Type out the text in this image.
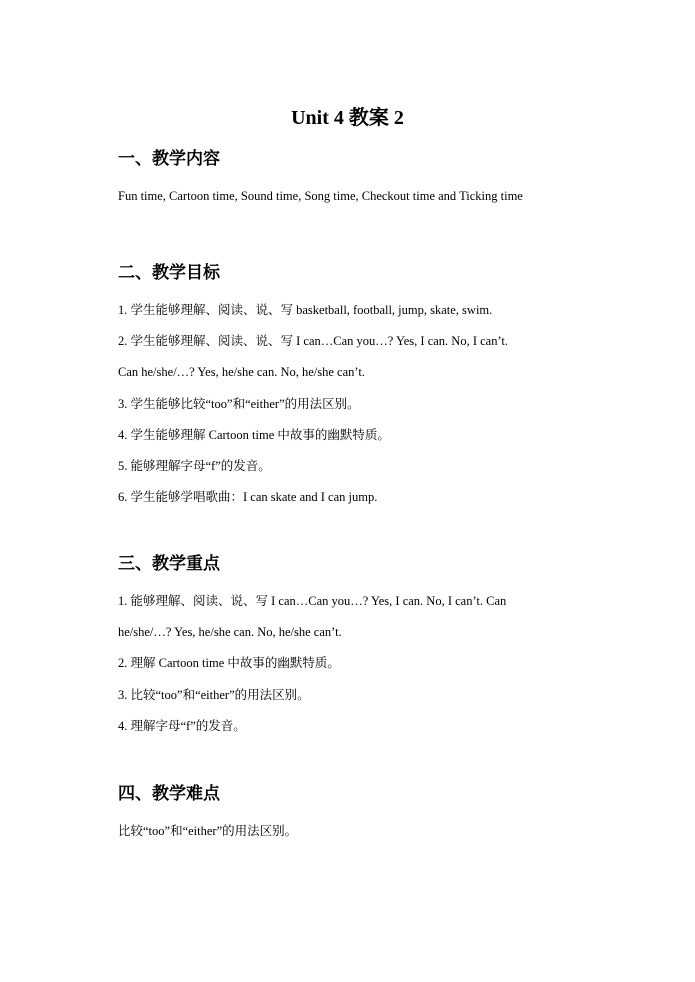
Unit 4 教案 2
一、教学内容
Fun time, Cartoon time, Sound time, Song time, Checkout time and Ticking time
二、教学目标
1. 学生能够理解、阅读、说、写 basketball, football, jump, skate, swim.
2. 学生能够理解、阅读、说、写 I can…Can you…? Yes, I can. No, I can’t.
Can he/she/…? Yes, he/she can. No, he/she can’t.
3. 学生能够比较“too”和“either”的用法区别。
4. 学生能够理解 Cartoon time 中故事的幽默特质。
5. 能够理解字母“f”的发音。
6. 学生能够学唱歌曲：I can skate and I can jump.
三、教学重点
1. 能够理解、阅读、说、写 I can…Can you…? Yes, I can. No, I can’t. Can
he/she/…? Yes, he/she can. No, he/she can’t.
2. 理解 Cartoon time 中故事的幽默特质。
3. 比较“too”和“either”的用法区别。
4. 理解字母“f”的发音。
四、教学难点
比较“too”和“either”的用法区别。
